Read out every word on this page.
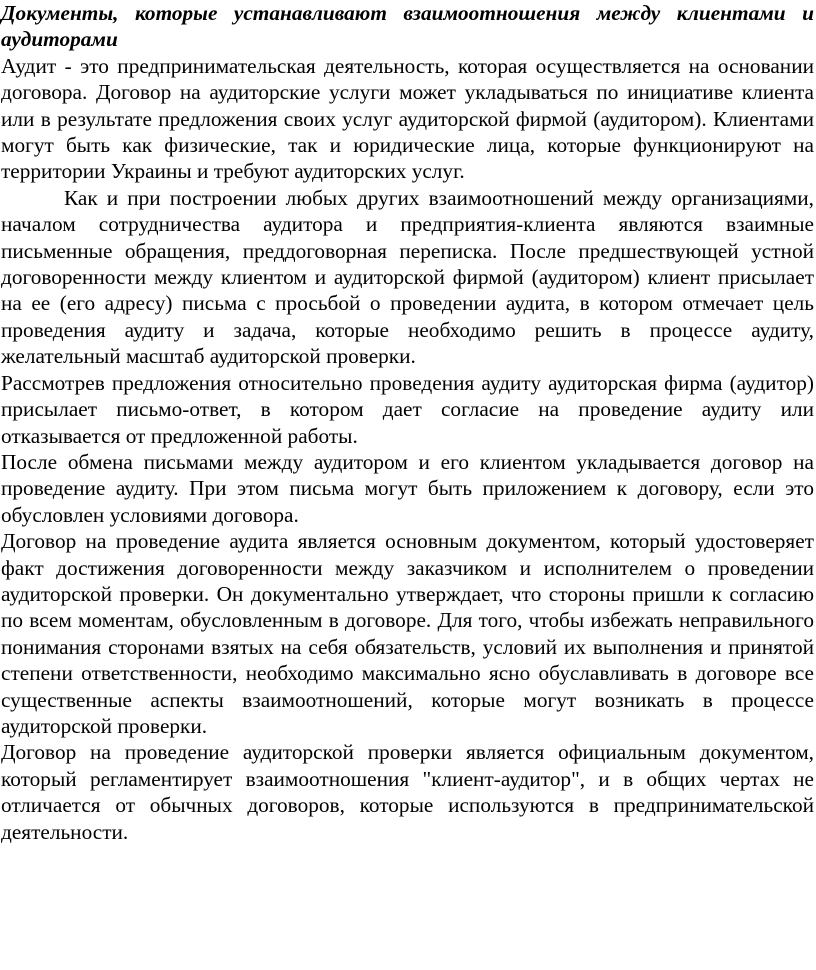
Документы, которые устанавливают взаимоотношения между клиентами и аудиторами

Аудит - это предпринимательская деятельность, которая осуществляется на основании договора. Договор на аудиторские услуги может укладываться по инициативе клиента или в результате предложения своих услуг аудиторской фирмой (аудитором). Клиентами могут быть как физические, так и юридические лица, которые функционируют на территории Украины и требуют аудиторских услуг.

Как и при построении любых других взаимоотношений между организациями, началом сотрудничества аудитора и предприятия-клиента являются взаимные письменные обращения, преддоговорная переписка. После предшествующей устной договоренности между клиентом и аудиторской фирмой (аудитором) клиент присылает на ее (его адресу) письма с просьбой о проведении аудита, в котором отмечает цель проведения аудиту и задача, которые необходимо решить в процессе аудиту, желательный масштаб аудиторской проверки.

Рассмотрев предложения относительно проведения аудиту аудиторская фирма (аудитор) присылает письмо-ответ, в котором дает согласие на проведение аудиту или отказывается от предложенной работы.

После обмена письмами между аудитором и его клиентом укладывается договор на проведение аудиту. При этом письма могут быть приложением к договору, если это обусловлен условиями договора.

Договор на проведение аудита является основным документом, который удостоверяет факт достижения договоренности между заказчиком и исполнителем о проведении аудиторской проверки. Он документально утверждает, что стороны пришли к согласию по всем моментам, обусловленным в договоре. Для того, чтобы избежать неправильного понимания сторонами взятых на себя обязательств, условий их выполнения и принятой степени ответственности, необходимо максимально ясно обуславливать в договоре все существенные аспекты взаимоотношений, которые могут возникать в процессе аудиторской проверки.

Договор на проведение аудиторской проверки является официальным документом, который регламентирует взаимоотношения "клиент-аудитор", и в общих чертах не отличается от обычных договоров, которые используются в предпринимательской деятельности.
